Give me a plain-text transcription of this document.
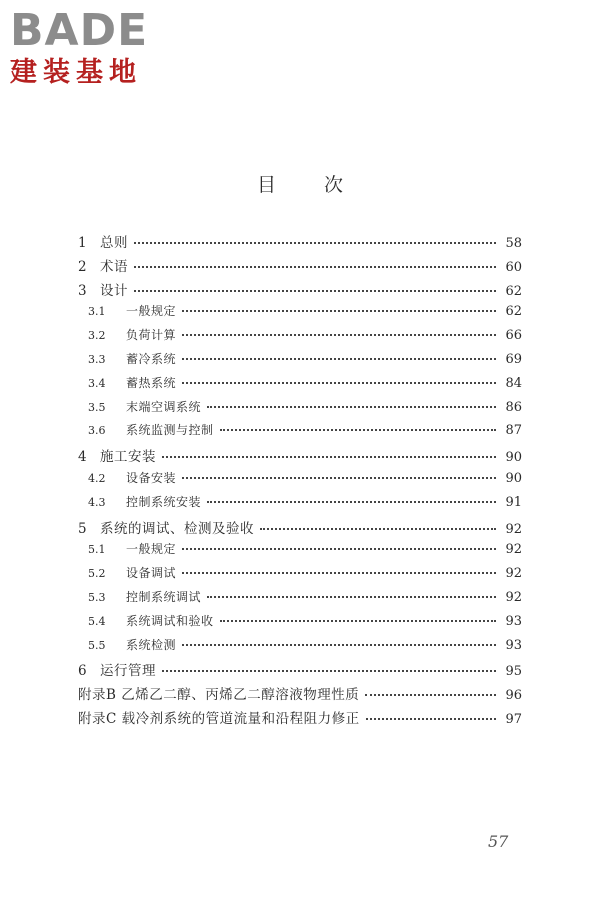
BADE
建装基地
目次
1 总则	58
2 术语	60
3 设计	62
3.1	一般规定	62
3.2	负荷计算	66
3.3	蓄冷系统	69
3.4	蓄热系统	84
3.5	末端空调系统	86
3.6	系统监测与控制	87
4 施工安装	90
4.2	设备安装	90
4.3	控制系统安装	91
5 系统的调试、检测及验收	92
5.1	一般规定	92
5.2	设备调试	92
5.3	控制系统调试	92
5.4	系统调试和验收	93
5.5	系统检测	93
6 运行管理	95
附录B 乙烯乙二醇、丙烯乙二醇溶液物理性质	96
附录C 载冷剂系统的管道流量和沿程阻力修正	97
57
